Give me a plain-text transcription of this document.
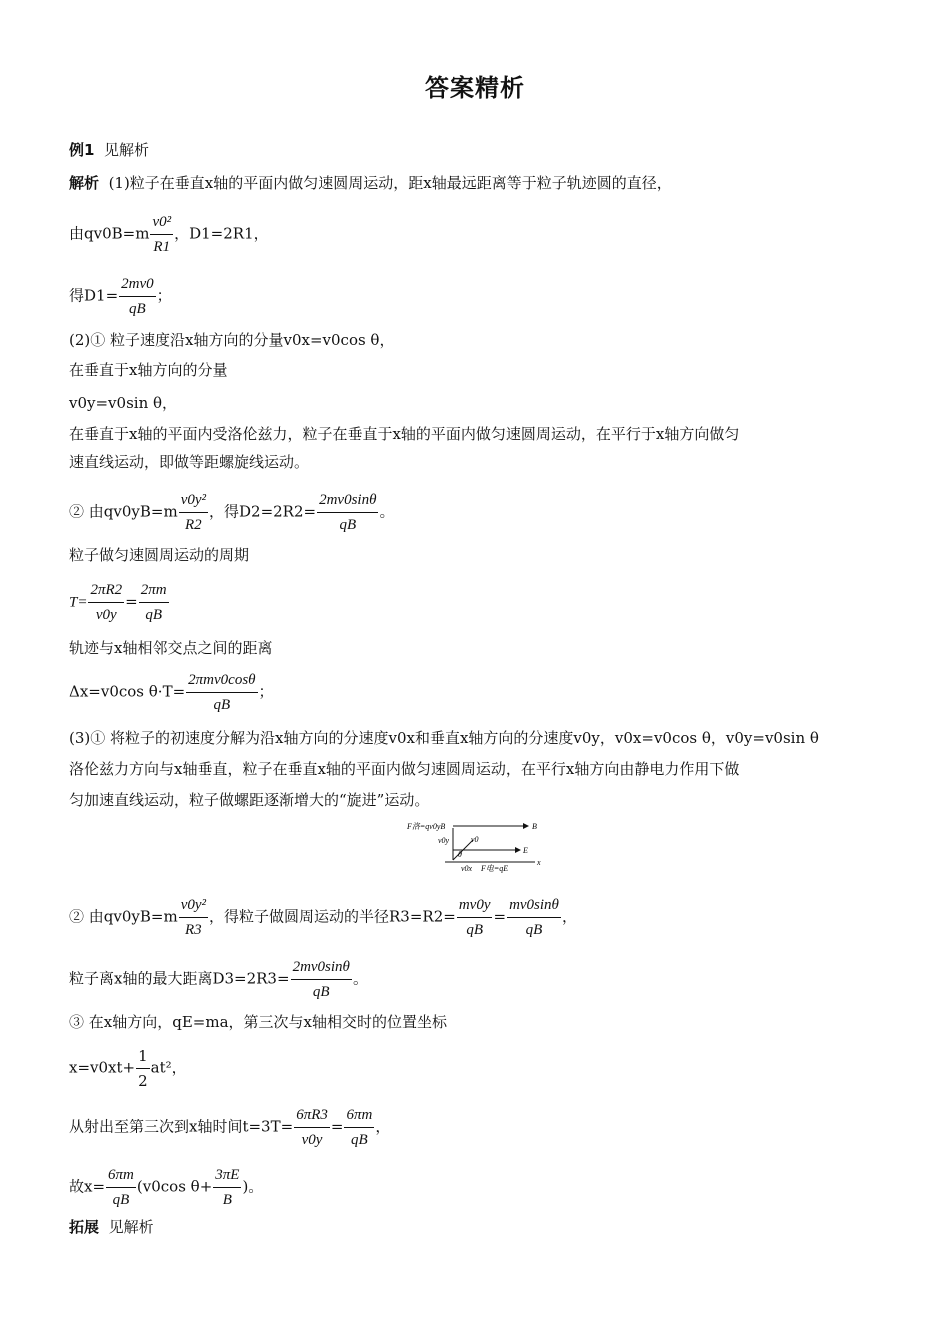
答案精析
例1 见解析
解析 (1)粒子在垂直x轴的平面内做匀速圆周运动，距x轴最远距离等于粒子轨迹圆的直径，
由$qv0B=m \frac{\text{v0²}}{R1}$ ，D1=2R1，
得$D1= \frac{2mv0}{qB}$ ；
(2)① 粒子速度沿x轴方向的分量v0x=v0cos θ，
在垂直于x轴方向的分量
v0y=v0sin θ，
在垂直于x轴的平面内受洛伦兹力，粒子在垂直于x轴的平面内做匀速圆周运动，在平行于x轴方向做匀
速直线运动，即做等距螺旋线运动。
② 由$qv0yB=m \frac{\text{v0y²}}{R2}$ ，得$D2=2R2= \frac{2mv0\sin\theta}{qB}$ 。
粒子做匀速圆周运动的周期
$T= \frac{2\pi R2}{v0y} = \frac{2\pi m}{qB}$
轨迹与x轴相邻交点之间的距离
Δx=v0cos $\theta\cdot T= \frac{\text{2πmv0cosθ}}{qB}$ ；
(3)① 将粒子的初速度分解为沿x轴方向的分速度v0x和垂直x轴方向的分速度v0y，v0x=v0cos θ，v0y=v0sin θ
洛伦兹力方向与x轴垂直，粒子在垂直x轴的平面内做匀速圆周运动，在平行x轴方向由静电力作用下做
匀加速直线运动，粒子做螺距逐渐增大的“旋进”运动。
F洛=qv0yB	B
v0
v0y
θ	E
x
v0x F电=qE
② 由$qv0yB=m \frac{\text{v0y²}}{R3}$ ，得粒子做圆周运动的半径$R3=R2= \frac{mv0y}{qB} = \frac{mv0\sin\theta}{qB}$ ，
粒子离x轴的最大距离$D3=2R3= \frac{2mv0\sin\theta}{qB}$ 。
③ 在x轴方向，qE=ma，第三次与x轴相交时的位置坐标
$x=v0xt+ \frac{1}{2} at^2$，
从射出至第三次到x轴时间$t=3T= \frac{6\pi R3}{v0y} = \frac{6\pi m}{qB}$ ，
故$x= \frac{6\pi m}{qB} (v0\cos$ $\theta+ \frac{3\pi E}{B}$ )。
拓展 见解析
